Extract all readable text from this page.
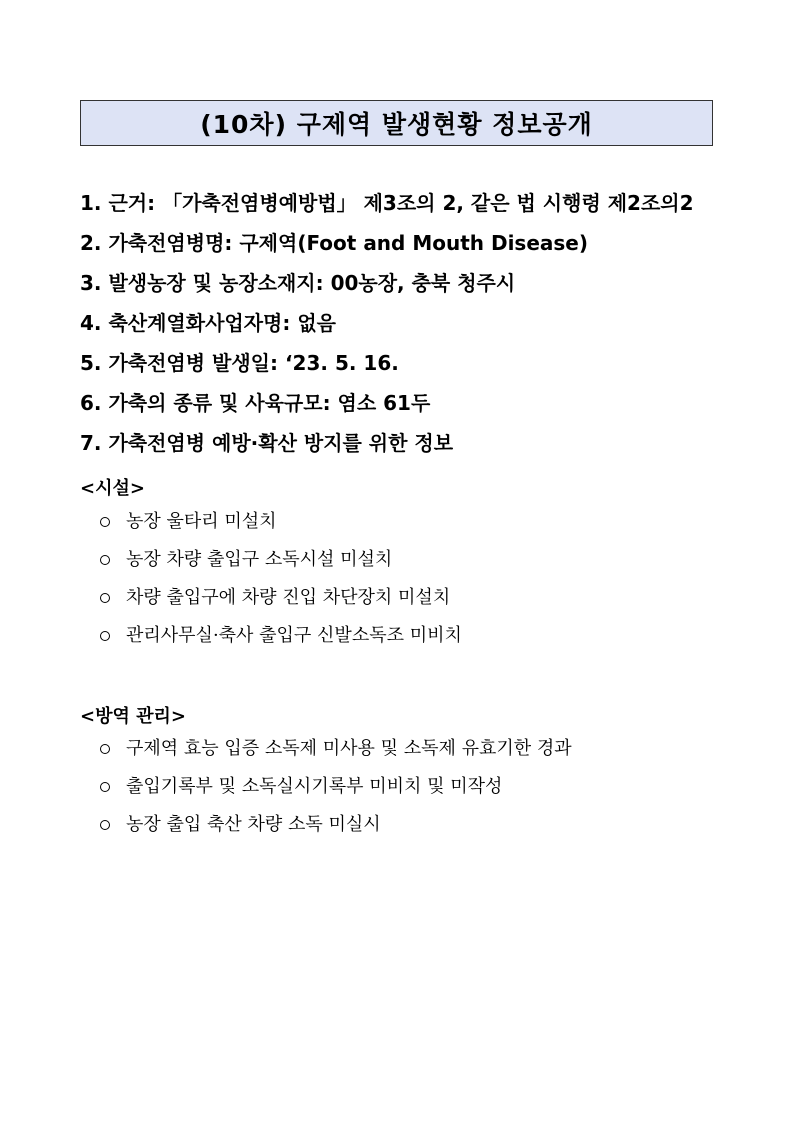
(10차) 구제역 발생현황 정보공개
1. 근거: 「가축전염병예방법」 제3조의 2, 같은 법 시행령 제2조의2
2. 가축전염병명: 구제역(Foot and Mouth Disease)
3. 발생농장 및 농장소재지: 00농장, 충북 청주시
4. 축산계열화사업자명: 없음
5. 가축전염병 발생일: ‘23. 5. 16.
6. 가축의 종류 및 사육규모: 염소 61두
7. 가축전염병 예방·확산 방지를 위한 정보
<시설>
농장 울타리 미설치
농장 차량 출입구 소독시설 미설치
차량 출입구에 차량 진입 차단장치 미설치
관리사무실·축사 출입구 신발소독조 미비치
<방역 관리>
구제역 효능 입증 소독제 미사용 및 소독제 유효기한 경과
출입기록부 및 소독실시기록부 미비치 및 미작성
농장 출입 축산 차량 소독 미실시
